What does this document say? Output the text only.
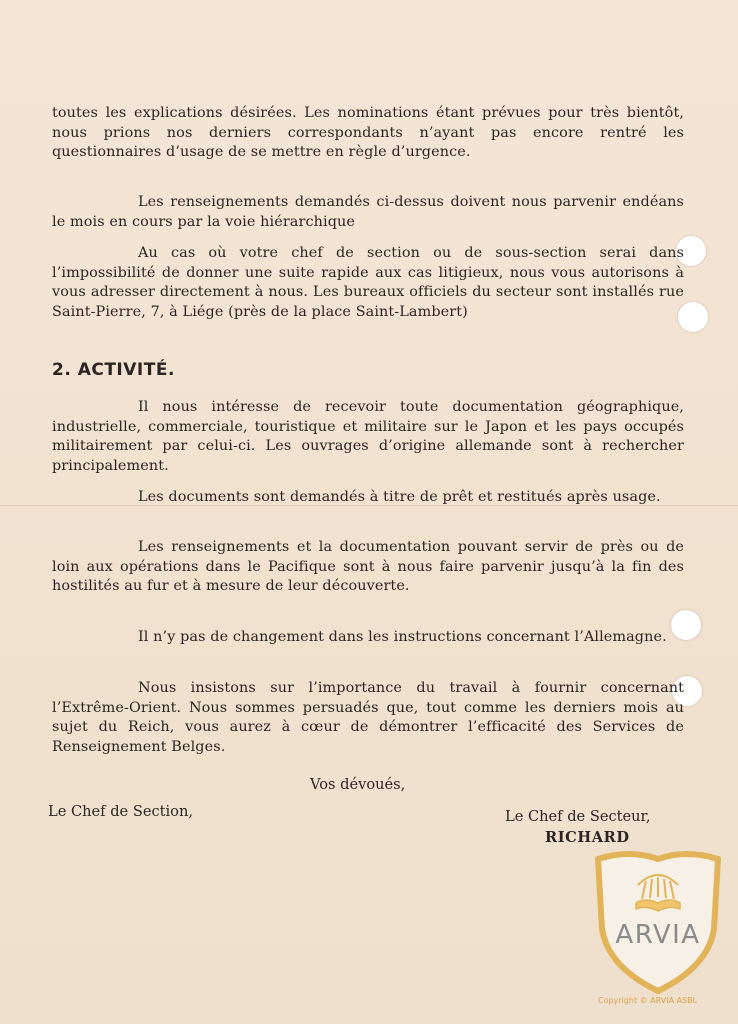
toutes les explications désirées. Les nominations étant prévues pour très bientôt, nous prions nos derniers correspondants n’ayant pas encore rentré les questionnaires d’usage de se mettre en règle d’urgence.

Les renseignements demandés ci-dessus doivent nous parvenir endéans le mois en cours par la voie hiérarchique

Au cas où votre chef de section ou de sous-section serai dans l’impossibilité de donner une suite rapide aux cas litigieux, nous vous autorisons à vous adresser directement à nous. Les bureaux officiels du secteur sont installés rue Saint-Pierre, 7, à Liége (près de la place Saint-Lambert)

2. ACTIVITÉ.

Il nous intéresse de recevoir toute documentation géographique, industrielle, commerciale, touristique et militaire sur le Japon et les pays occupés militairement par celui-ci. Les ouvrages d’origine allemande sont à rechercher principalement.

Les documents sont demandés à titre de prêt et restitués après usage.

Les renseignements et la documentation pouvant servir de près ou de loin aux opérations dans le Pacifique sont à nous faire parvenir jusqu’à la fin des hostilités au fur et à mesure de leur découverte.

Il n’y pas de changement dans les instructions concernant l’Allemagne.

Nous insistons sur l’importance du travail à fournir concernant l’Extrême-Orient. Nous sommes persuadés que, tout comme les derniers mois au sujet du Reich, vous aurez à cœur de démontrer l’efficacité des Services de Renseignement Belges.

Vos dévoués,
Le Chef de Section,	Le Chef de Secteur,
RICHARD
ARVIA
Copyright © ARVIA ASBL
